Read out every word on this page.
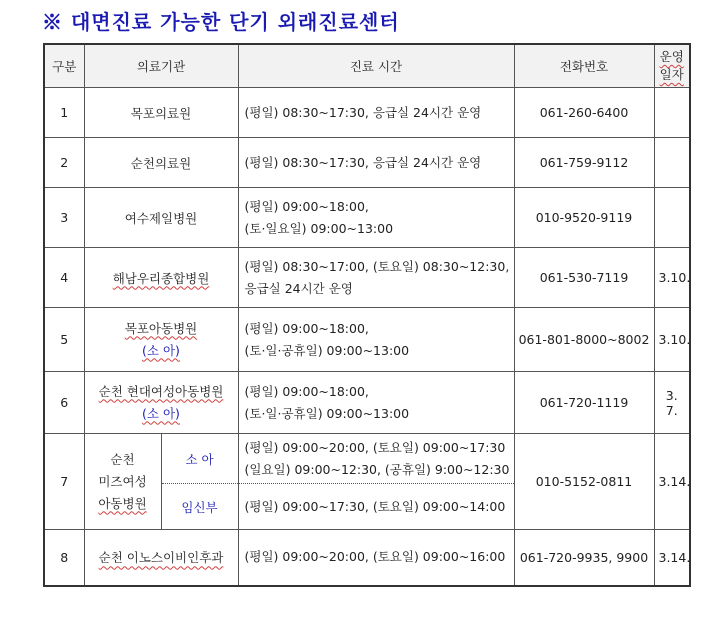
※ 대면진료 가능한 단기 외래진료센터
구분	의료기관		진료 시간	전화번호	운영
일자

1	목포의료원		(평일) 08:30~17:30, 응급실 24시간 운영	061-260-6400	
2	순천의료원		(평일) 08:30~17:30, 응급실 24시간 운영	061-759-9112	
3	여수제일병원		(평일) 09:00~18:00,
(토·일요일) 09:00~13:00	010-9520-9119	
4	해남우리종합병원		(평일) 08:30~17:00, (토요일) 08:30~12:30,
응급실 24시간 운영	061-530-7119	3.10.
5	목포아동병원
(소 아)		(평일) 09:00~18:00,
(토·일·공휴일) 09:00~13:00	061-801-8000~8002	3.10.
6	순천 현대여성아동병원
(소 아)		(평일) 09:00~18:00,
(토·일·공휴일) 09:00~13:00	061-720-1119	3. 7.
7	순천
미즈여성
아동병원	소 아	(평일) 09:00~20:00, (토요일) 09:00~17:30
(일요일) 09:00~12:30, (공휴일) 9:00~12:30	010-5152-0811	3.14.
		임신부	(평일) 09:00~17:30, (토요일) 09:00~14:00		
8	순천 이노스이비인후과		(평일) 09:00~20:00, (토요일) 09:00~16:00	061-720-9935, 9900	3.14.
